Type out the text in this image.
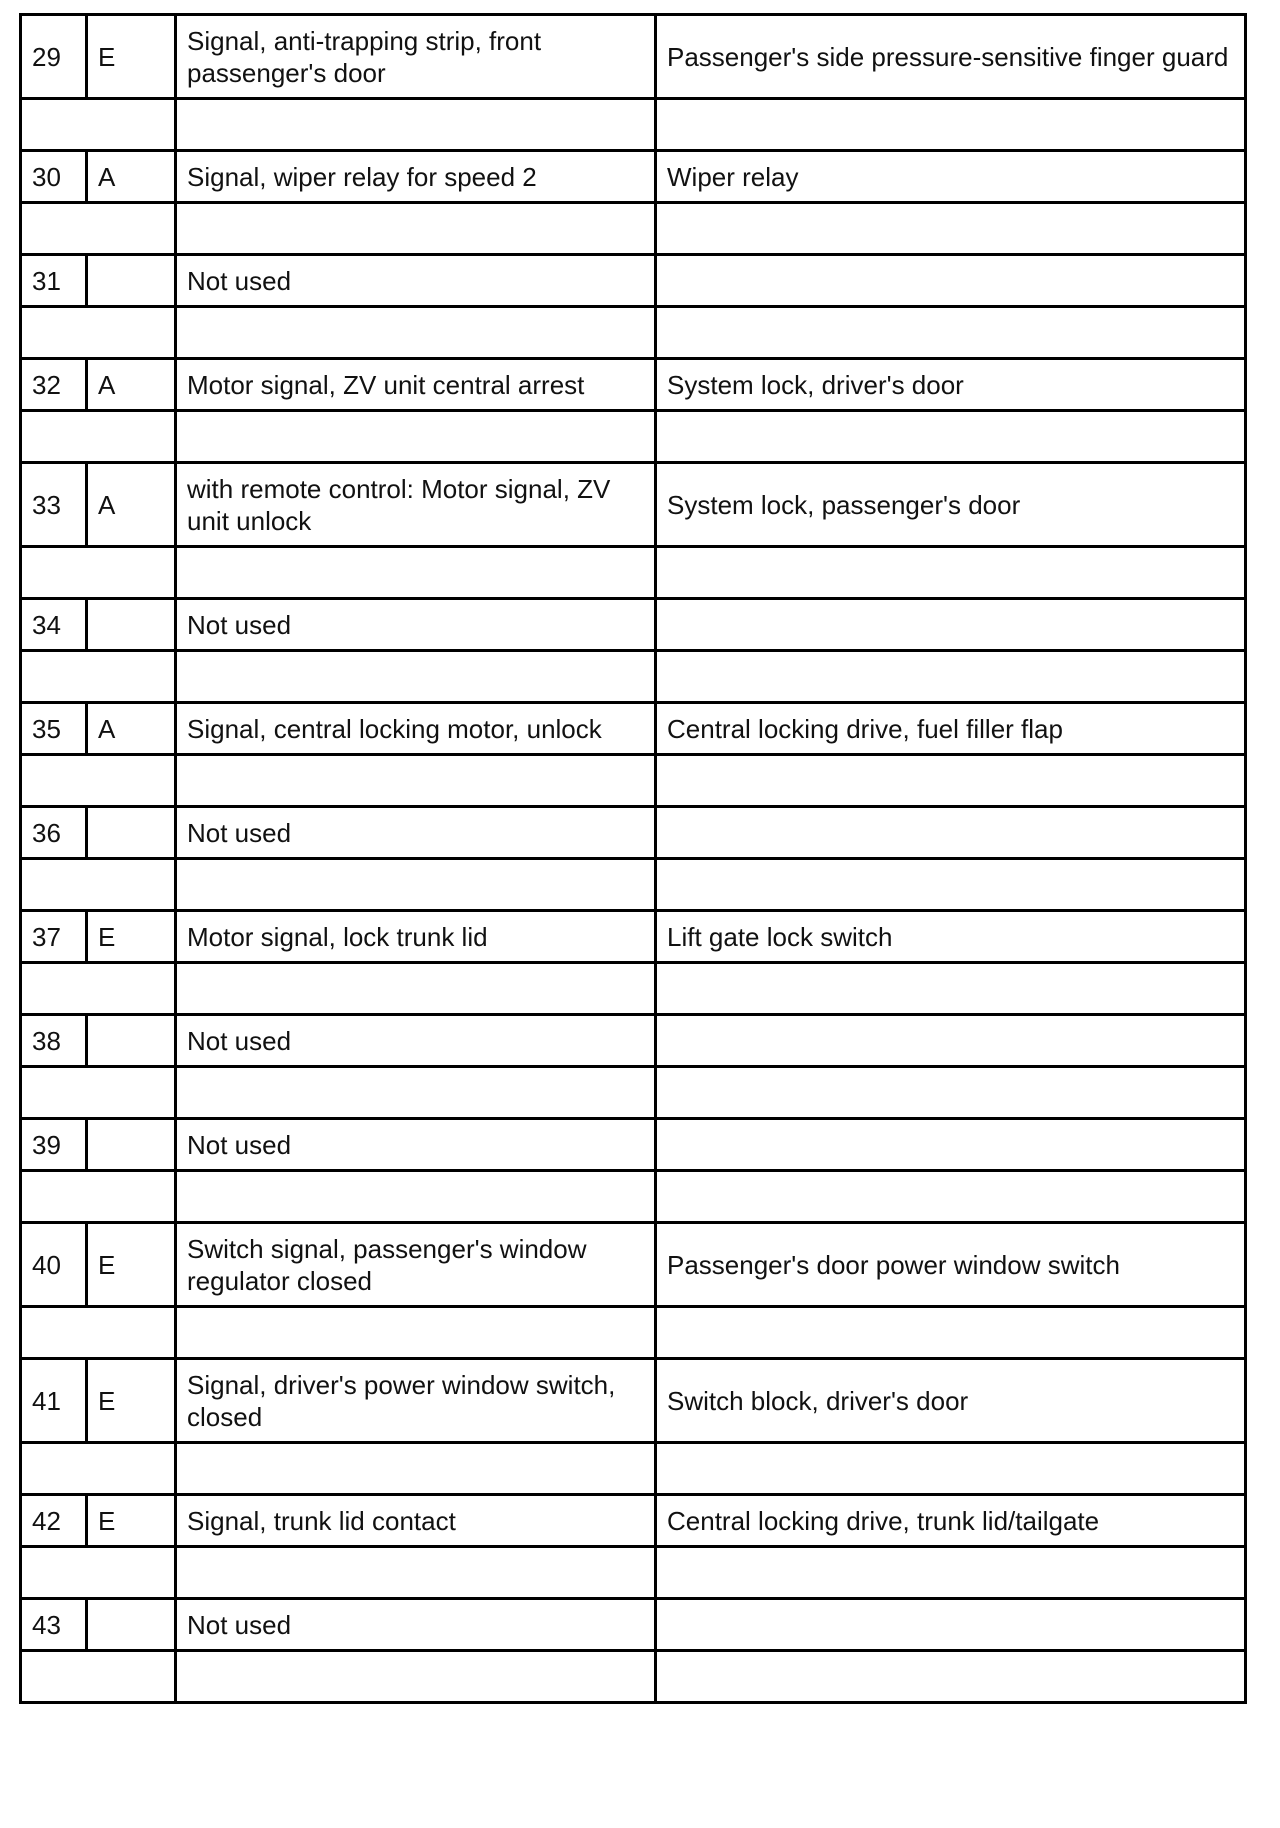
29	E	Signal, anti-trapping strip, front passenger's door	Passenger's side pressure-sensitive finger guard

30	A	Signal, wiper relay for speed 2	Wiper relay

31		Not used	

32	A	Motor signal, ZV unit central arrest	System lock, driver's door

33	A	with remote control: Motor signal, ZV unit unlock	System lock, passenger's door

34		Not used	

35	A	Signal, central locking motor, unlock	Central locking drive, fuel filler flap

36		Not used	

37	E	Motor signal, lock trunk lid	Lift gate lock switch

38		Not used	

39		Not used	

40	E	Switch signal, passenger's window regulator closed	Passenger's door power window switch

41	E	Signal, driver's power window switch, closed	Switch block, driver's door

42	E	Signal, trunk lid contact	Central locking drive, trunk lid/tailgate

43		Not used	
